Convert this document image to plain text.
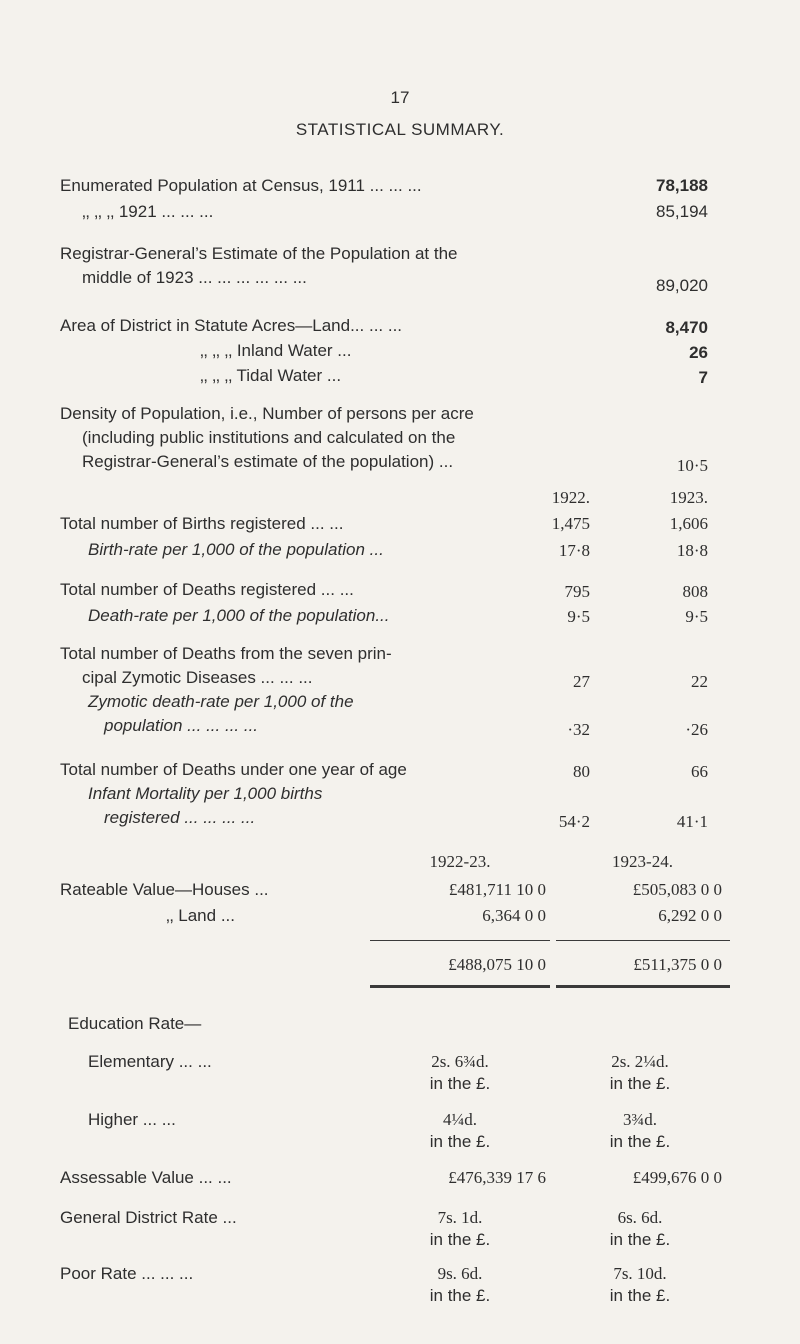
17
STATISTICAL SUMMARY.
Enumerated Population at Census, 1911 ... ... ...	78,188
‚‚ ‚‚ ‚‚ 1921 ... ... ...	85,194
Registrar-General’s Estimate of the Population at the
middle of 1923 ... ... ... ... ... ...	89,020
Area of District in Statute Acres—Land... ... ...	8,470
‚‚ ‚‚ ‚‚ Inland Water ...	26
‚‚ ‚‚ ‚‚ Tidal Water ...	7
Density of Population, i.e., Number of persons per acre
(including public institutions and calculated on the
Registrar-General’s estimate of the population) ...	10·5
1922.	1923.
Total number of Births registered ... ...	1,475	1,606
Birth-rate per 1,000 of the population ...	17·8	18·8
Total number of Deaths registered ... ...	795	808
Death-rate per 1,000 of the population...	9·5	9·5
Total number of Deaths from the seven prin-
cipal Zymotic Diseases ... ... ...	27	22
Zymotic death-rate per 1,000 of the
population ... ... ... ...	·32	·26
Total number of Deaths under one year of age	80	66
Infant Mortality per 1,000 births
registered ... ... ... ...	54·2	41·1
1922-23.	1923-24.
Rateable Value—Houses ...	£481,711 10 0	£505,083 0 0
‚‚ Land ...	6,364 0 0	6,292 0 0
£488,075 10 0	£511,375 0 0
Education Rate—
Elementary ... ...	2s. 6¾d.	2s. 2¼d.
in the £.	in the £.
Higher ... ...	4¼d.	3¾d.
in the £.	in the £.
Assessable Value ... ...	£476,339 17 6	£499,676 0 0
General District Rate ...	7s. 1d.	6s. 6d.
in the £.	in the £.
Poor Rate ... ... ...	9s. 6d.	7s. 10d.
in the £.	in the £.
